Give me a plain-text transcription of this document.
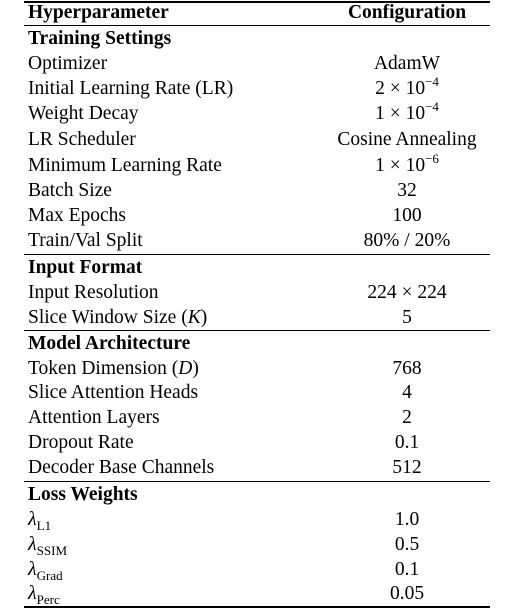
Hyperparameter	Configuration
Training Settings
Optimizer	AdamW
Initial Learning Rate (LR)	$2 \times 10^{-4}$
Weight Decay	$1 \times 10^{-4}$
LR Scheduler	Cosine Annealing
Minimum Learning Rate	$1 \times 10^{-6}$
Batch Size	32
Max Epochs	100
Train/Val Split	80% / 20%
Input Format
Input Resolution	224 × 224
Slice Window Size (K)	5
Model Architecture
Token Dimension (D)	768
Slice Attention Heads	4
Attention Layers	2
Dropout Rate	0.1
Decoder Base Channels	512
Loss Weights
$\lambda_{L1}$	1.0
$\lambda_{SSIM}$	0.5
$\lambda_{Grad}$	0.1
$\lambda_{Perc}$	0.05
